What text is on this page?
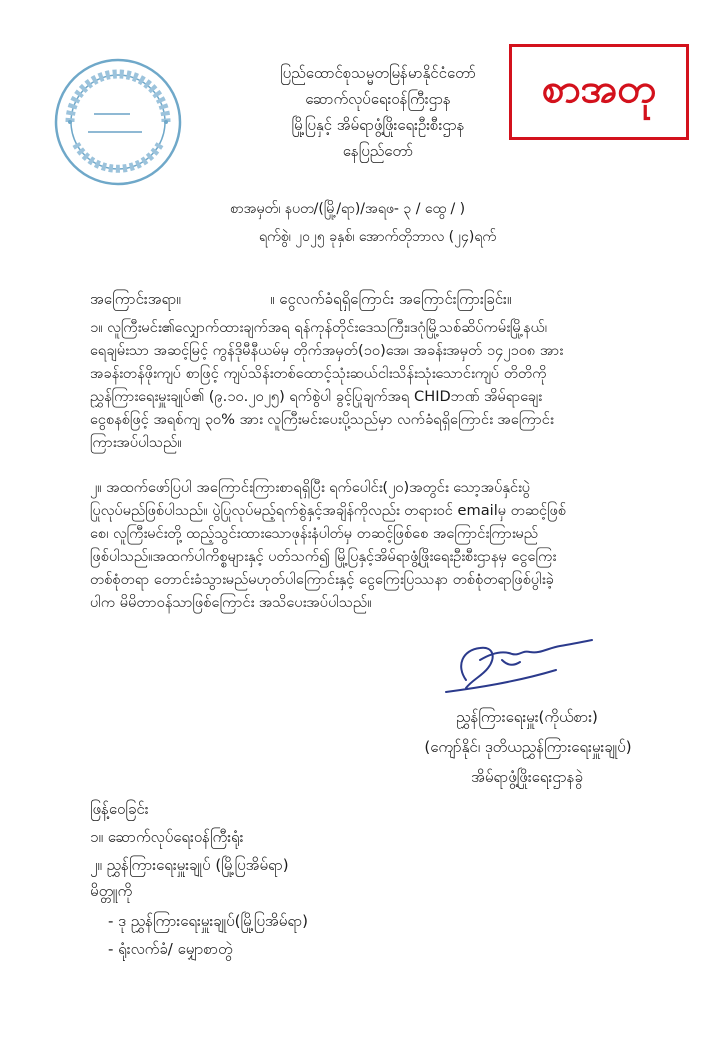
စာအတု
ပြည်ထောင်စုသမ္မတမြန်မာနိုင်ငံတော်
ဆောက်လုပ်ရေးဝန်ကြီးဌာန
မြို့ပြနှင့် အိမ်ရာဖွံ့ဖြိုးရေးဦးစီးဌာန
နေပြည်တော်
စာအမှတ်၊ နပတ/(မြို့/ရာ)/အရဖ- ၃ / ထွေ / )
ရက်စွဲ၊ ၂၀၂၅ ခုနှစ်၊ အောက်တိုဘာလ (၂၄)ရက်
အကြောင်းအရာ။	။ ငွေလက်ခံရရှိကြောင်း အကြောင်းကြားခြင်း။
၁။ လူကြီးမင်း၏လျှောက်ထားချက်အရ ရန်ကုန်တိုင်းဒေသကြီး၊ဒဂုံမြို့သစ်ဆိပ်ကမ်းမြို့နယ်၊
ရေချမ်းသာ အဆင့်မြင့် ကွန်ဒိုမီနီယမ်မှ တိုက်အမှတ်(၁၀)အေ၊ အခန်းအမှတ် ၁၄၂၁၀၈ အား
အခန်းတန်ဖိုးကျပ် စာဖြင့် ကျပ်သိန်းတစ်ထောင့်သုံးဆယ်ငါးသိန်းသုံးသောင်းကျပ် တိတိကို
ညွှန်ကြားရေးမှူးချုပ်၏ (၉.၁၀.၂၀၂၅) ရက်စွဲပါ ခွင့်ပြုချက်အရ CHIDဘဏ် အိမ်ရာချေး
ငွေစနစ်ဖြင့် အရစ်ကျ ၃၀% အား လူကြီးမင်းပေးပို့သည်မှာ လက်ခံရရှိကြောင်း အကြောင်း
ကြားအပ်ပါသည်။
၂။ အထက်ဖော်ပြပါ အကြောင်းကြားစာရရှိပြီး ရက်ပေါင်း(၂၀)အတွင်း သော့အပ်နှင်းပွဲ
ပြုလုပ်မည်ဖြစ်ပါသည်။ ပွဲပြုလုပ်မည့်ရက်စွဲနှင့်အချိန်ကိုလည်း တရားဝင် emailမှ တဆင့်ဖြစ်
စေ၊ လူကြီးမင်းတို့ ထည့်သွင်းထားသောဖုန်းနံပါတ်မှ တဆင့်ဖြစ်စေ အကြောင်းကြားမည်
ဖြစ်ပါသည်။အထက်ပါကိစ္စများနှင့် ပတ်သက်၍ မြို့ပြနှင့်အိမ်ရာဖွံ့ဖြိုးရေးဦးစီးဌာနမှ ငွေကြေး
တစ်စုံတရာ တောင်းခံသွားမည်မဟုတ်ပါကြောင်းနှင့် ငွေကြေးပြဿနာ တစ်စုံတရာဖြစ်ပွါးခဲ့
ပါက မိမိတာဝန်သာဖြစ်ကြောင်း အသိပေးအပ်ပါသည်။
ညွှန်ကြားရေးမှူး(ကိုယ်စား)
(ကျော်နိုင်၊ ဒုတိယညွှန်ကြားရေးမှူးချုပ်)
အိမ်ရာဖွံ့ဖြိုးရေးဌာနခွဲ
ဖြန့်ဝေခြင်း
၁။ ဆောက်လုပ်ရေးဝန်ကြီးရုံး
၂။ ညွှန်ကြားရေးမှူးချုပ် (မြို့ပြအိမ်ရာ)
မိတ္တူကို
- ဒု ညွှန်ကြားရေးမှူးချုပ်(မြို့ပြအိမ်ရာ)
- ရုံးလက်ခံ/ မျှောစာတွဲ
